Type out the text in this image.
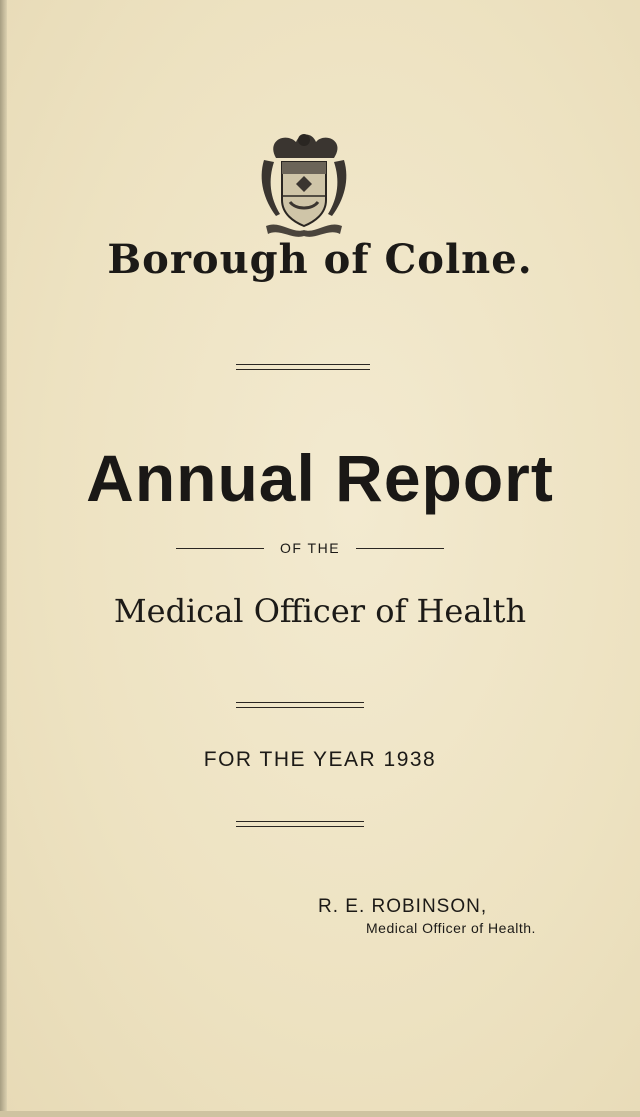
Borough of Colne.
Annual Report
OF THE
Medical Officer of Health
FOR THE YEAR 1938
R. E. ROBINSON,
Medical Officer of Health.
